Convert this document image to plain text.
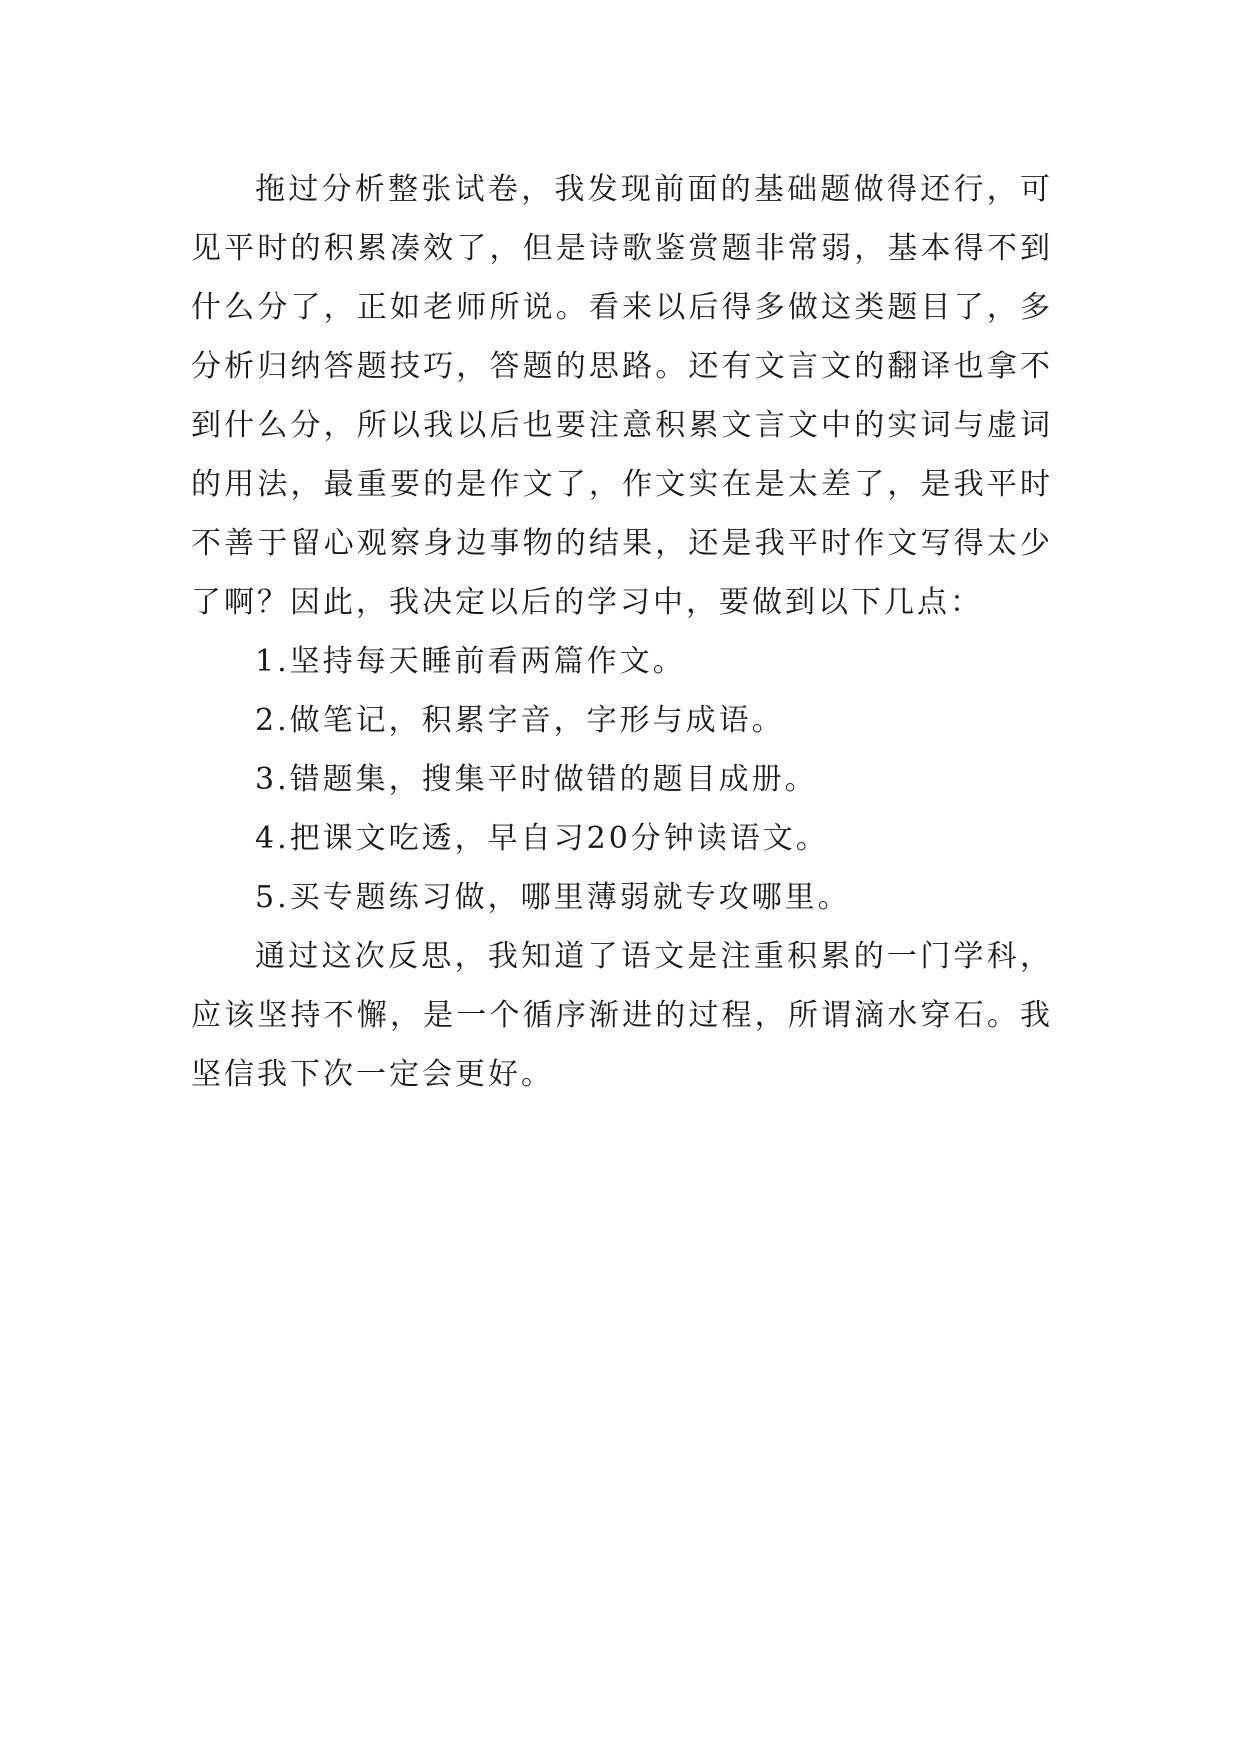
拖过分析整张试卷，我发现前面的基础题做得还行，可见平时的积累凑效了，但是诗歌鉴赏题非常弱，基本得不到什么分了，正如老师所说。看来以后得多做这类题目了，多分析归纳答题技巧，答题的思路。还有文言文的翻译也拿不到什么分，所以我以后也要注意积累文言文中的实词与虚词的用法，最重要的是作文了，作文实在是太差了，是我平时不善于留心观察身边事物的结果，还是我平时作文写得太少了啊？因此，我决定以后的学习中，要做到以下几点：

1.坚持每天睡前看两篇作文。
2.做笔记，积累字音，字形与成语。
3.错题集，搜集平时做错的题目成册。
4.把课文吃透，早自习20分钟读语文。
5.买专题练习做，哪里薄弱就专攻哪里。

通过这次反思，我知道了语文是注重积累的一门学科，应该坚持不懈，是一个循序渐进的过程，所谓滴水穿石。我坚信我下次一定会更好。
